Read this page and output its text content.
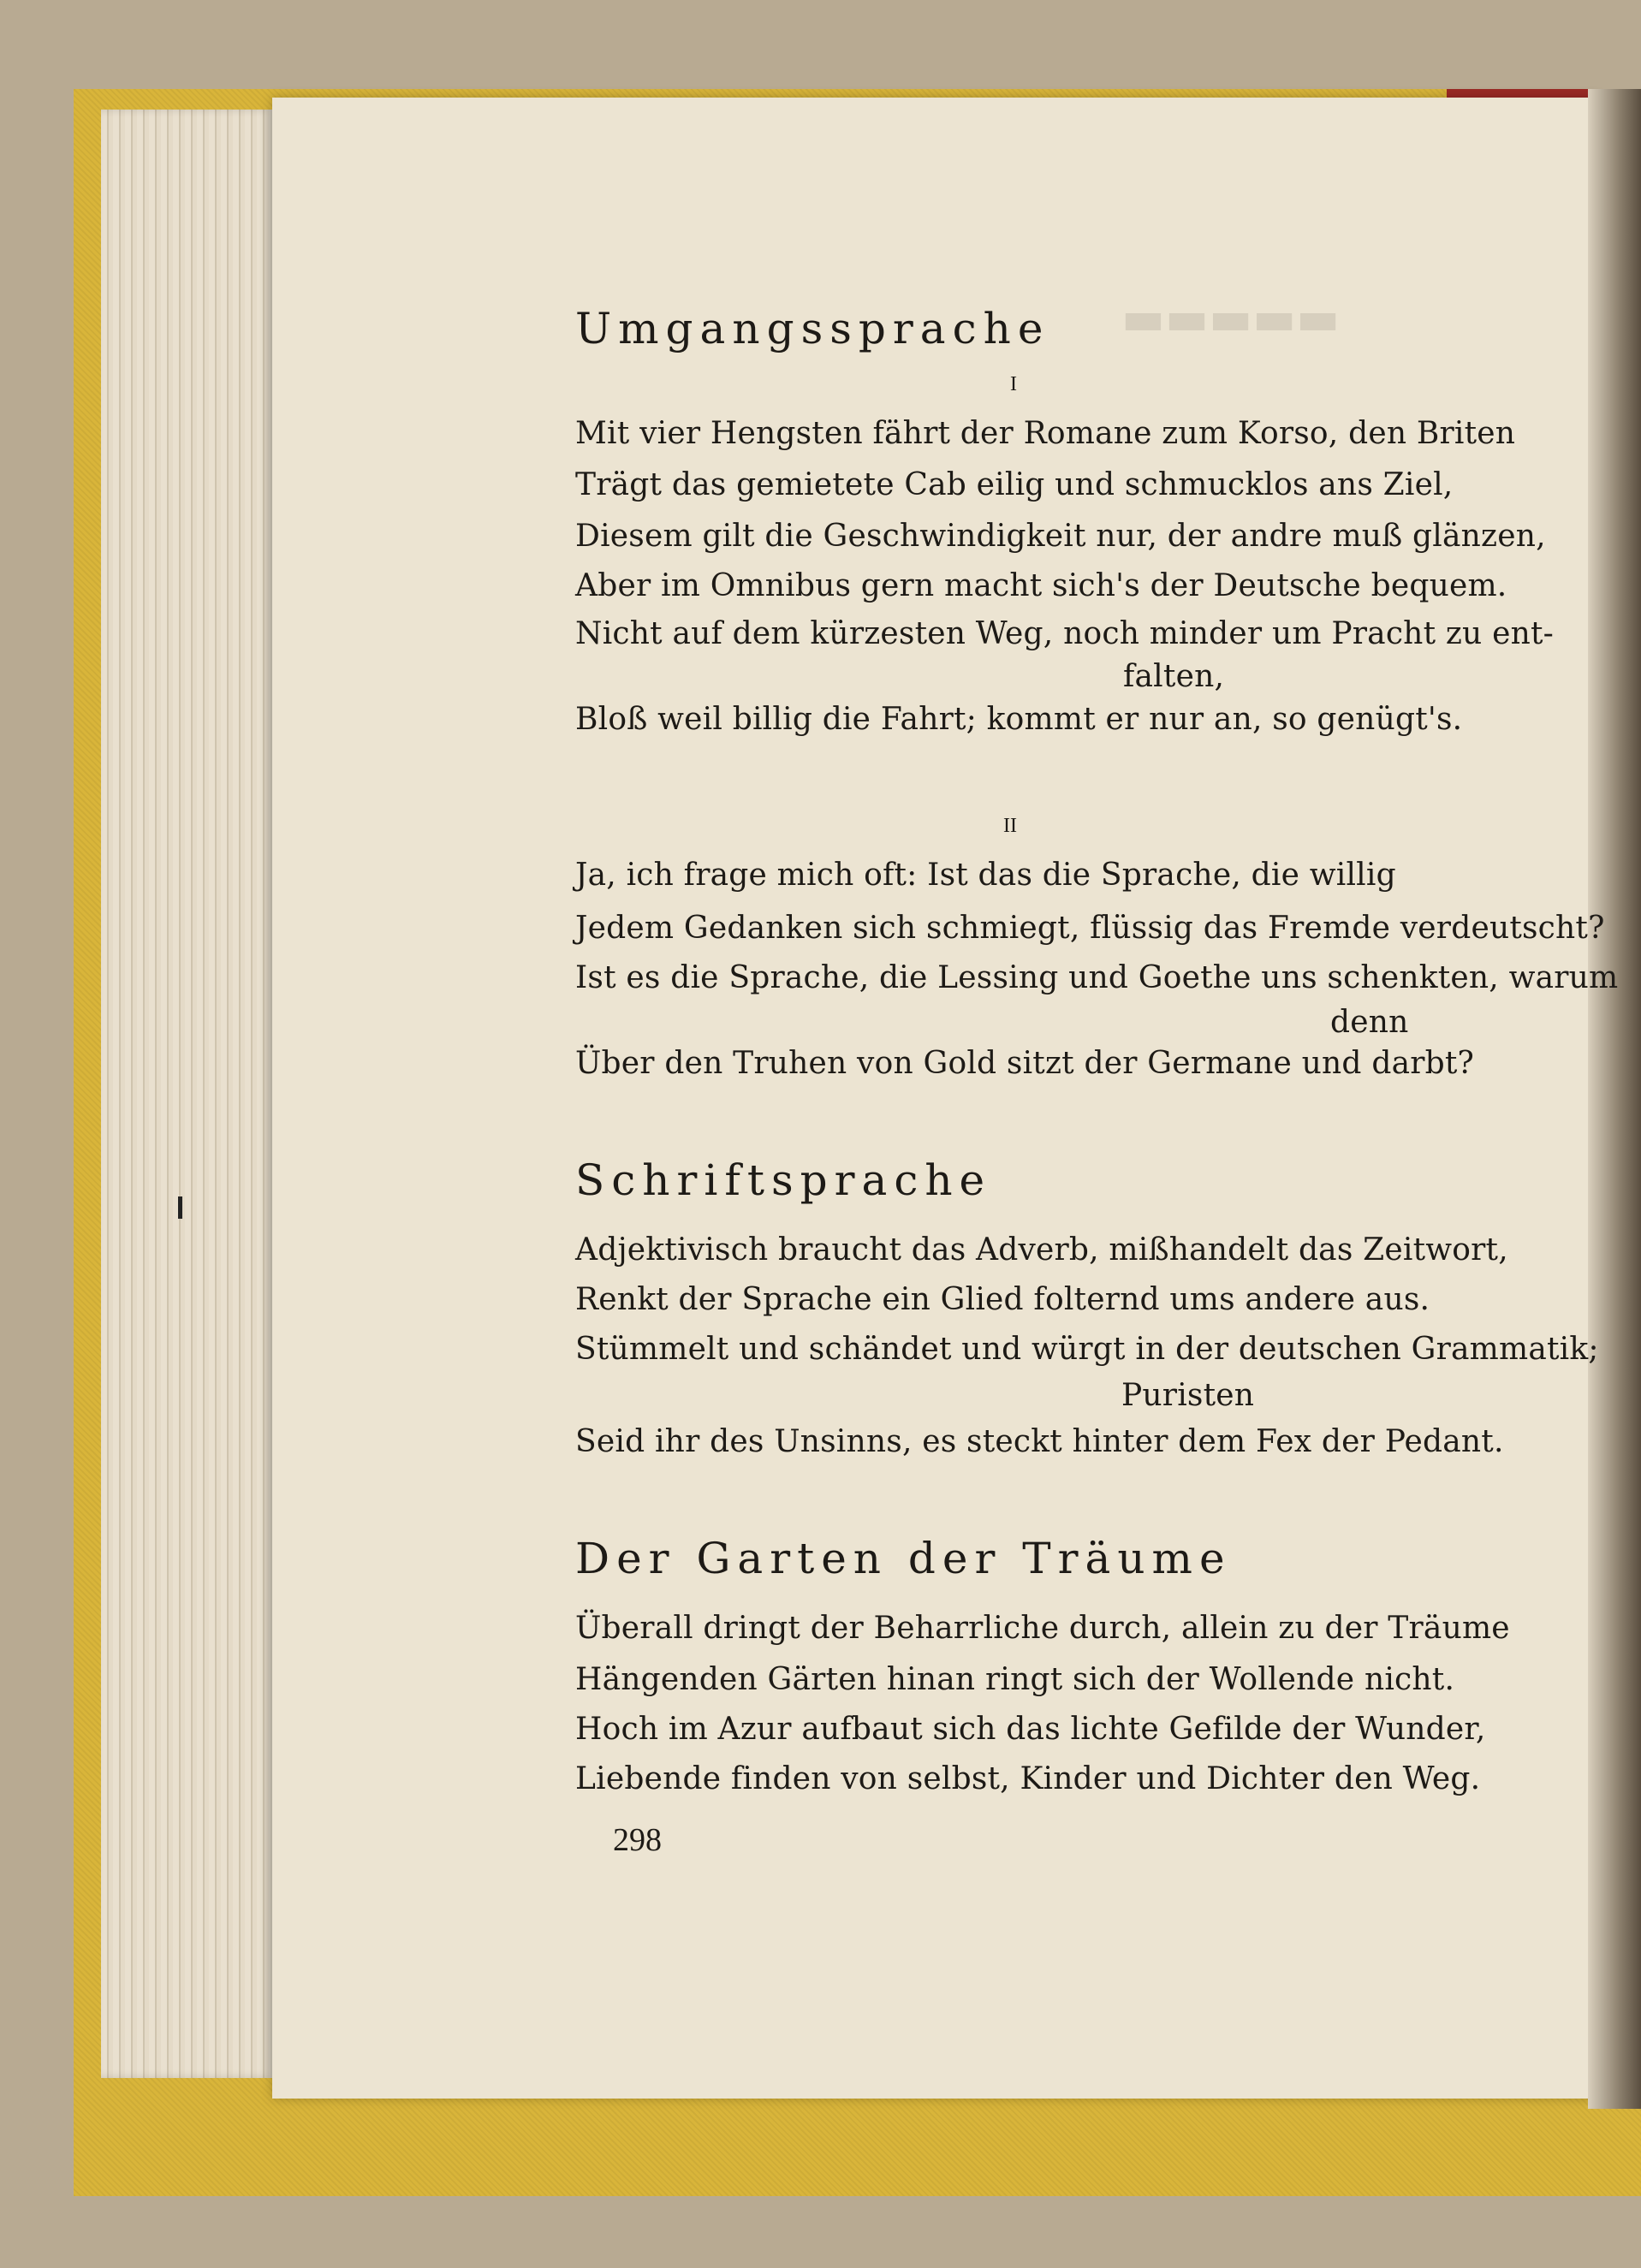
▬▬▬▬▬
Umgangssprache
I
Mit vier Hengsten fährt der Romane zum Korso, den Briten
Trägt das gemietete Cab eilig und schmucklos ans Ziel,
Diesem gilt die Geschwindigkeit nur, der andre muß glänzen,
Aber im Omnibus gern macht sich's der Deutsche bequem.
Nicht auf dem kürzesten Weg, noch minder um Pracht zu ent-
falten,
Bloß weil billig die Fahrt; kommt er nur an, so genügt's.
II
Ja, ich frage mich oft: Ist das die Sprache, die willig
Jedem Gedanken sich schmiegt, flüssig das Fremde verdeutscht?
Ist es die Sprache, die Lessing und Goethe uns schenkten, warum
denn
Über den Truhen von Gold sitzt der Germane und darbt?
Schriftsprache
Adjektivisch braucht das Adverb, mißhandelt das Zeitwort,
Renkt der Sprache ein Glied folternd ums andere aus.
Stümmelt und schändet und würgt in der deutschen Grammatik;
Puristen
Seid ihr des Unsinns, es steckt hinter dem Fex der Pedant.
Der Garten der Träume
Überall dringt der Beharrliche durch, allein zu der Träume
Hängenden Gärten hinan ringt sich der Wollende nicht.
Hoch im Azur aufbaut sich das lichte Gefilde der Wunder,
Liebende finden von selbst, Kinder und Dichter den Weg.
298
